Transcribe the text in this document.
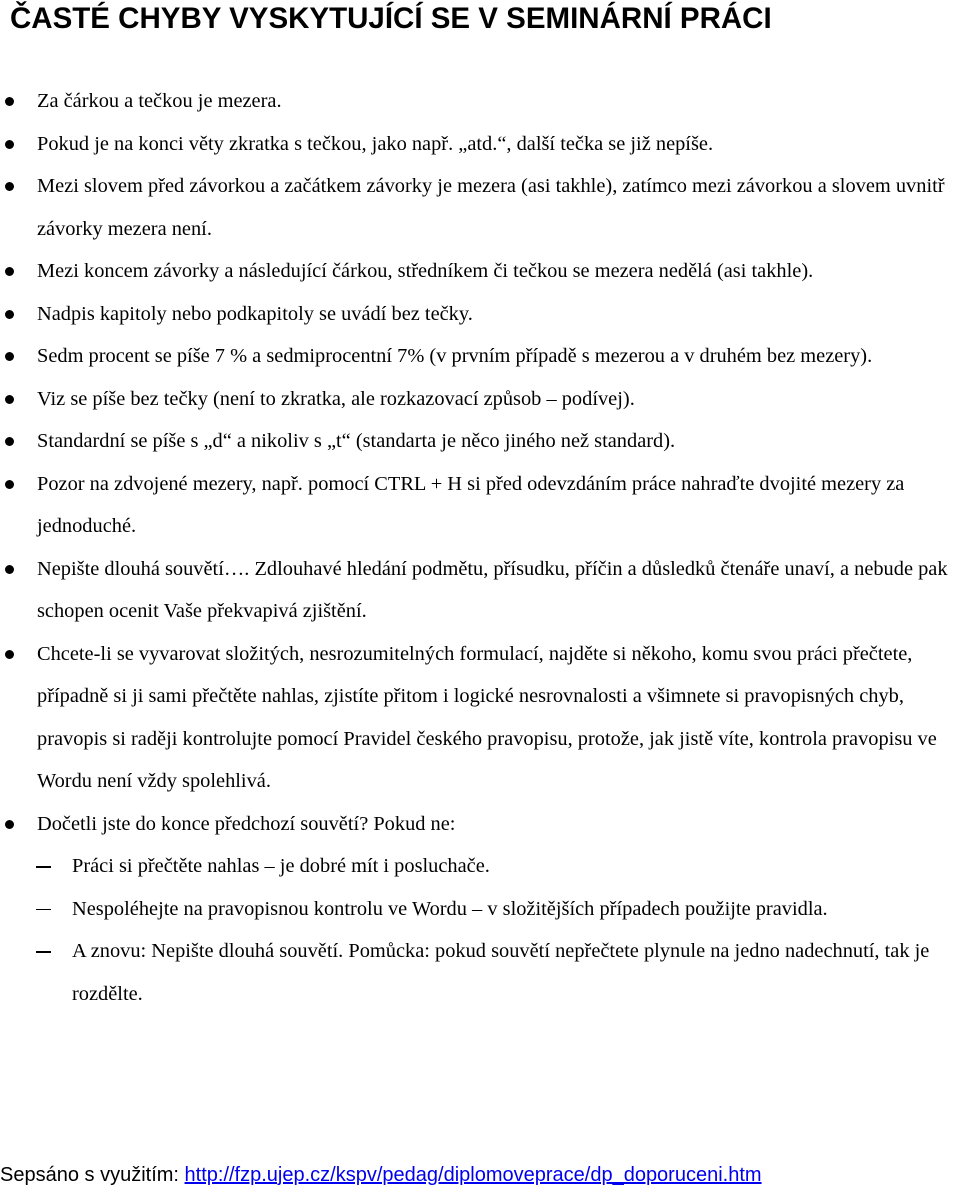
ČASTÉ CHYBY VYSKYTUJÍCÍ SE V SEMINÁRNÍ PRÁCI
Za čárkou a tečkou je mezera.
Pokud je na konci věty zkratka s tečkou, jako např. „atd.“, další tečka se již nepíše.
Mezi slovem před závorkou a začátkem závorky je mezera (asi takhle), zatímco mezi závorkou a slovem uvnitř závorky mezera není.
Mezi koncem závorky a následující čárkou, středníkem či tečkou se mezera nedělá (asi takhle).
Nadpis kapitoly nebo podkapitoly se uvádí bez tečky.
Sedm procent se píše 7 % a sedmiprocentní 7% (v prvním případě s mezerou a v druhém bez mezery).
Viz se píše bez tečky (není to zkratka, ale rozkazovací způsob – podívej).
Standardní se píše s „d“ a nikoliv s „t“ (standarta je něco jiného než standard).
Pozor na zdvojené mezery, např. pomocí CTRL + H si před odevzdáním práce nahraďte dvojité mezery za jednoduché.
Nepište dlouhá souvětí…. Zdlouhavé hledání podmětu, přísudku, příčin a důsledků čtenáře unaví, a nebude pak schopen ocenit Vaše překvapivá zjištění.
Chcete-li se vyvarovat složitých, nesrozumitelných formulací, najděte si někoho, komu svou práci přečtete, případně si ji sami přečtěte nahlas, zjistíte přitom i logické nesrovnalosti a všimnete si pravopisných chyb, pravopis si raději kontrolujte pomocí Pravidel českého pravopisu, protože, jak jistě víte, kontrola pravopisu ve Wordu není vždy spolehlivá.
Dočetli jste do konce předchozí souvětí? Pokud ne:
Práci si přečtěte nahlas – je dobré mít i posluchače.
Nespoléhejte na pravopisnou kontrolu ve Wordu – v složitějších případech použijte pravidla.
A znovu: Nepište dlouhá souvětí. Pomůcka: pokud souvětí nepřečtete plynule na jedno nadechnutí, tak je rozdělte.
Sepsáno s využitím: http://fzp.ujep.cz/kspv/pedag/diplomoveprace/dp_doporuceni.htm
